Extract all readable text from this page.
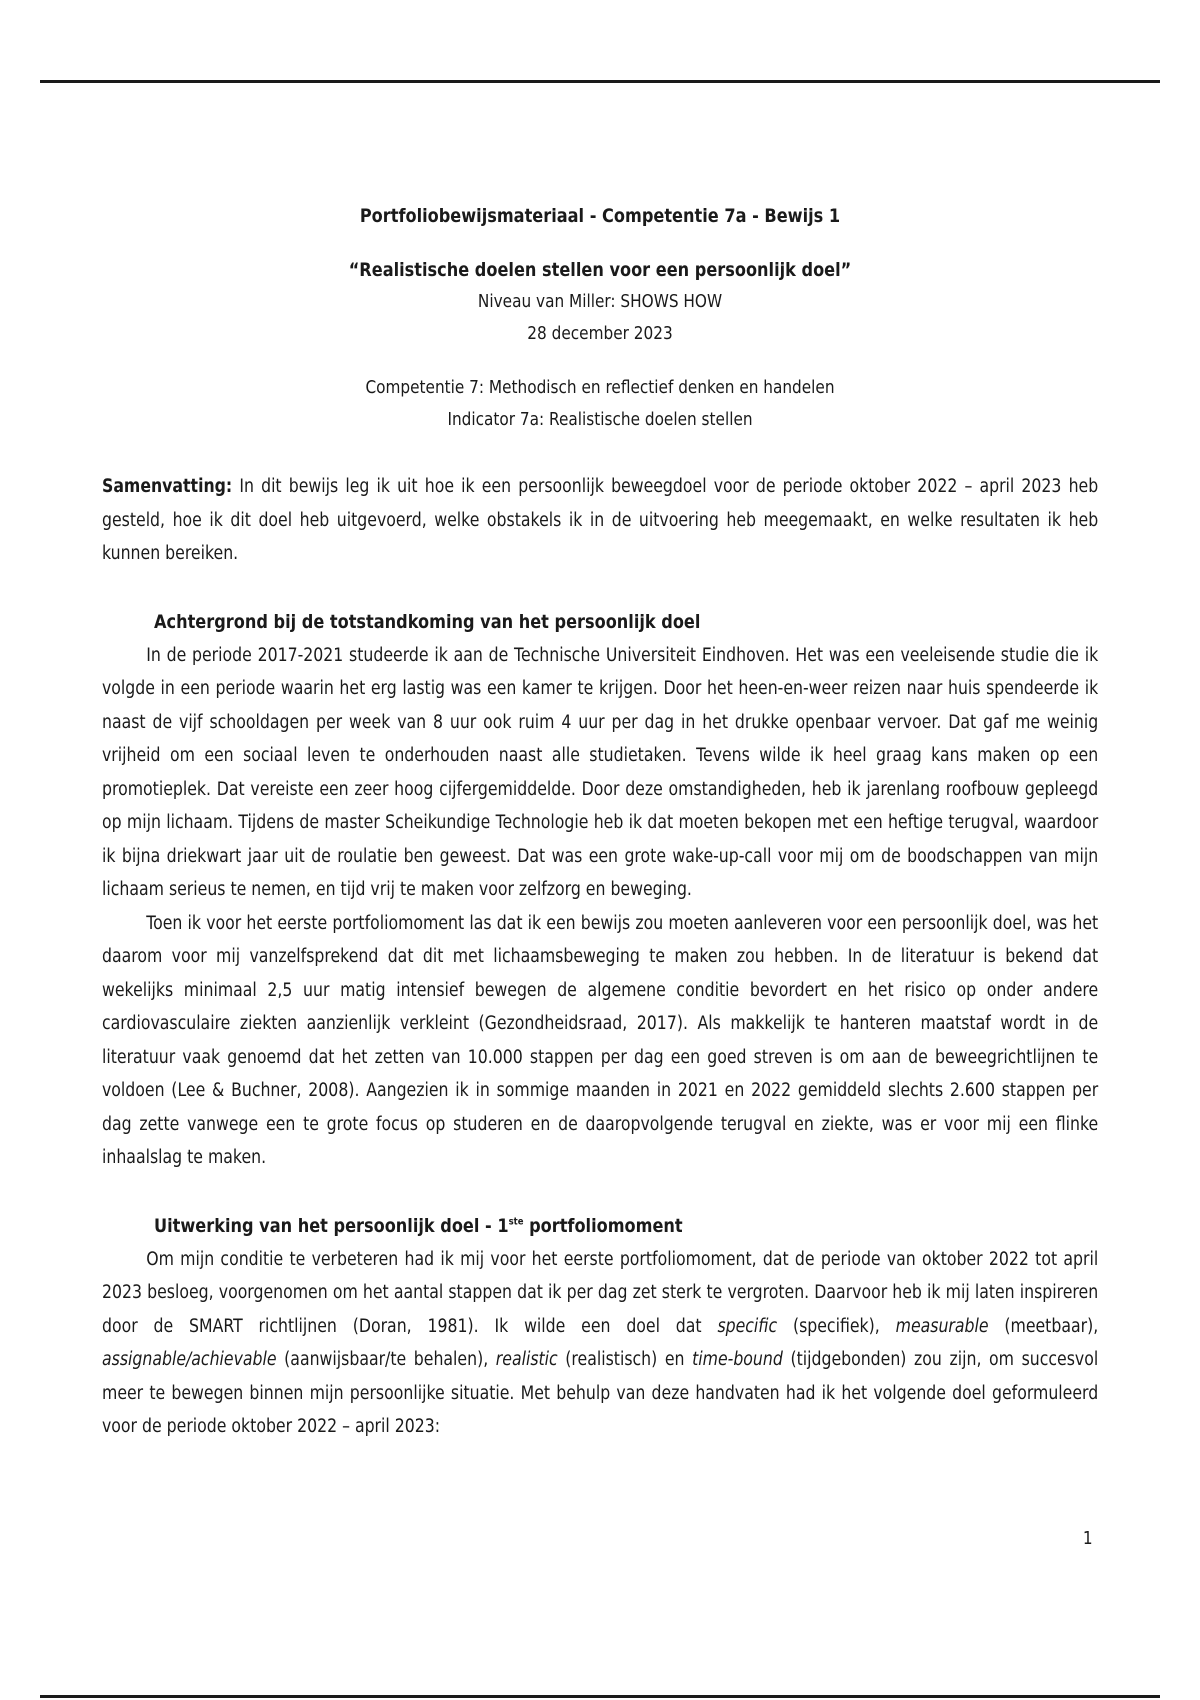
Portfoliobewijsmateriaal - Competentie 7a - Bewijs 1
“Realistische doelen stellen voor een persoonlijk doel”
Niveau van Miller: SHOWS HOW
28 december 2023
Competentie 7: Methodisch en reflectief denken en handelen
Indicator 7a: Realistische doelen stellen
Samenvatting: In dit bewijs leg ik uit hoe ik een persoonlijk beweegdoel voor de periode oktober 2022 – april 2023 heb gesteld, hoe ik dit doel heb uitgevoerd, welke obstakels ik in de uitvoering heb meegemaakt, en welke resultaten ik heb kunnen bereiken.
Achtergrond bij de totstandkoming van het persoonlijk doel
In de periode 2017-2021 studeerde ik aan de Technische Universiteit Eindhoven. Het was een veeleisende studie die ik volgde in een periode waarin het erg lastig was een kamer te krijgen. Door het heen-en-weer reizen naar huis spendeerde ik naast de vijf schooldagen per week van 8 uur ook ruim 4 uur per dag in het drukke openbaar vervoer. Dat gaf me weinig vrijheid om een sociaal leven te onderhouden naast alle studietaken. Tevens wilde ik heel graag kans maken op een promotieplek. Dat vereiste een zeer hoog cijfergemiddelde. Door deze omstandigheden, heb ik jarenlang roofbouw gepleegd op mijn lichaam. Tijdens de master Scheikundige Technologie heb ik dat moeten bekopen met een heftige terugval, waardoor ik bijna driekwart jaar uit de roulatie ben geweest. Dat was een grote wake-up-call voor mij om de boodschappen van mijn lichaam serieus te nemen, en tijd vrij te maken voor zelfzorg en beweging.
Toen ik voor het eerste portfoliomoment las dat ik een bewijs zou moeten aanleveren voor een persoonlijk doel, was het daarom voor mij vanzelfsprekend dat dit met lichaamsbeweging te maken zou hebben. In de literatuur is bekend dat wekelijks minimaal 2,5 uur matig intensief bewegen de algemene conditie bevordert en het risico op onder andere cardiovasculaire ziekten aanzienlijk verkleint (Gezondheidsraad, 2017). Als makkelijk te hanteren maatstaf wordt in de literatuur vaak genoemd dat het zetten van 10.000 stappen per dag een goed streven is om aan de beweegrichtlijnen te voldoen (Lee & Buchner, 2008). Aangezien ik in sommige maanden in 2021 en 2022 gemiddeld slechts 2.600 stappen per dag zette vanwege een te grote focus op studeren en de daaropvolgende terugval en ziekte, was er voor mij een flinke inhaalslag te maken.
Uitwerking van het persoonlijk doel - 1ste portfoliomoment
Om mijn conditie te verbeteren had ik mij voor het eerste portfoliomoment, dat de periode van oktober 2022 tot april 2023 besloeg, voorgenomen om het aantal stappen dat ik per dag zet sterk te vergroten. Daarvoor heb ik mij laten inspireren door de SMART richtlijnen (Doran, 1981). Ik wilde een doel dat specific (specifiek), measurable (meetbaar), assignable/achievable (aanwijsbaar/te behalen), realistic (realistisch) en time-bound (tijdgebonden) zou zijn, om succesvol meer te bewegen binnen mijn persoonlijke situatie. Met behulp van deze handvaten had ik het volgende doel geformuleerd voor de periode oktober 2022 – april 2023:
1
